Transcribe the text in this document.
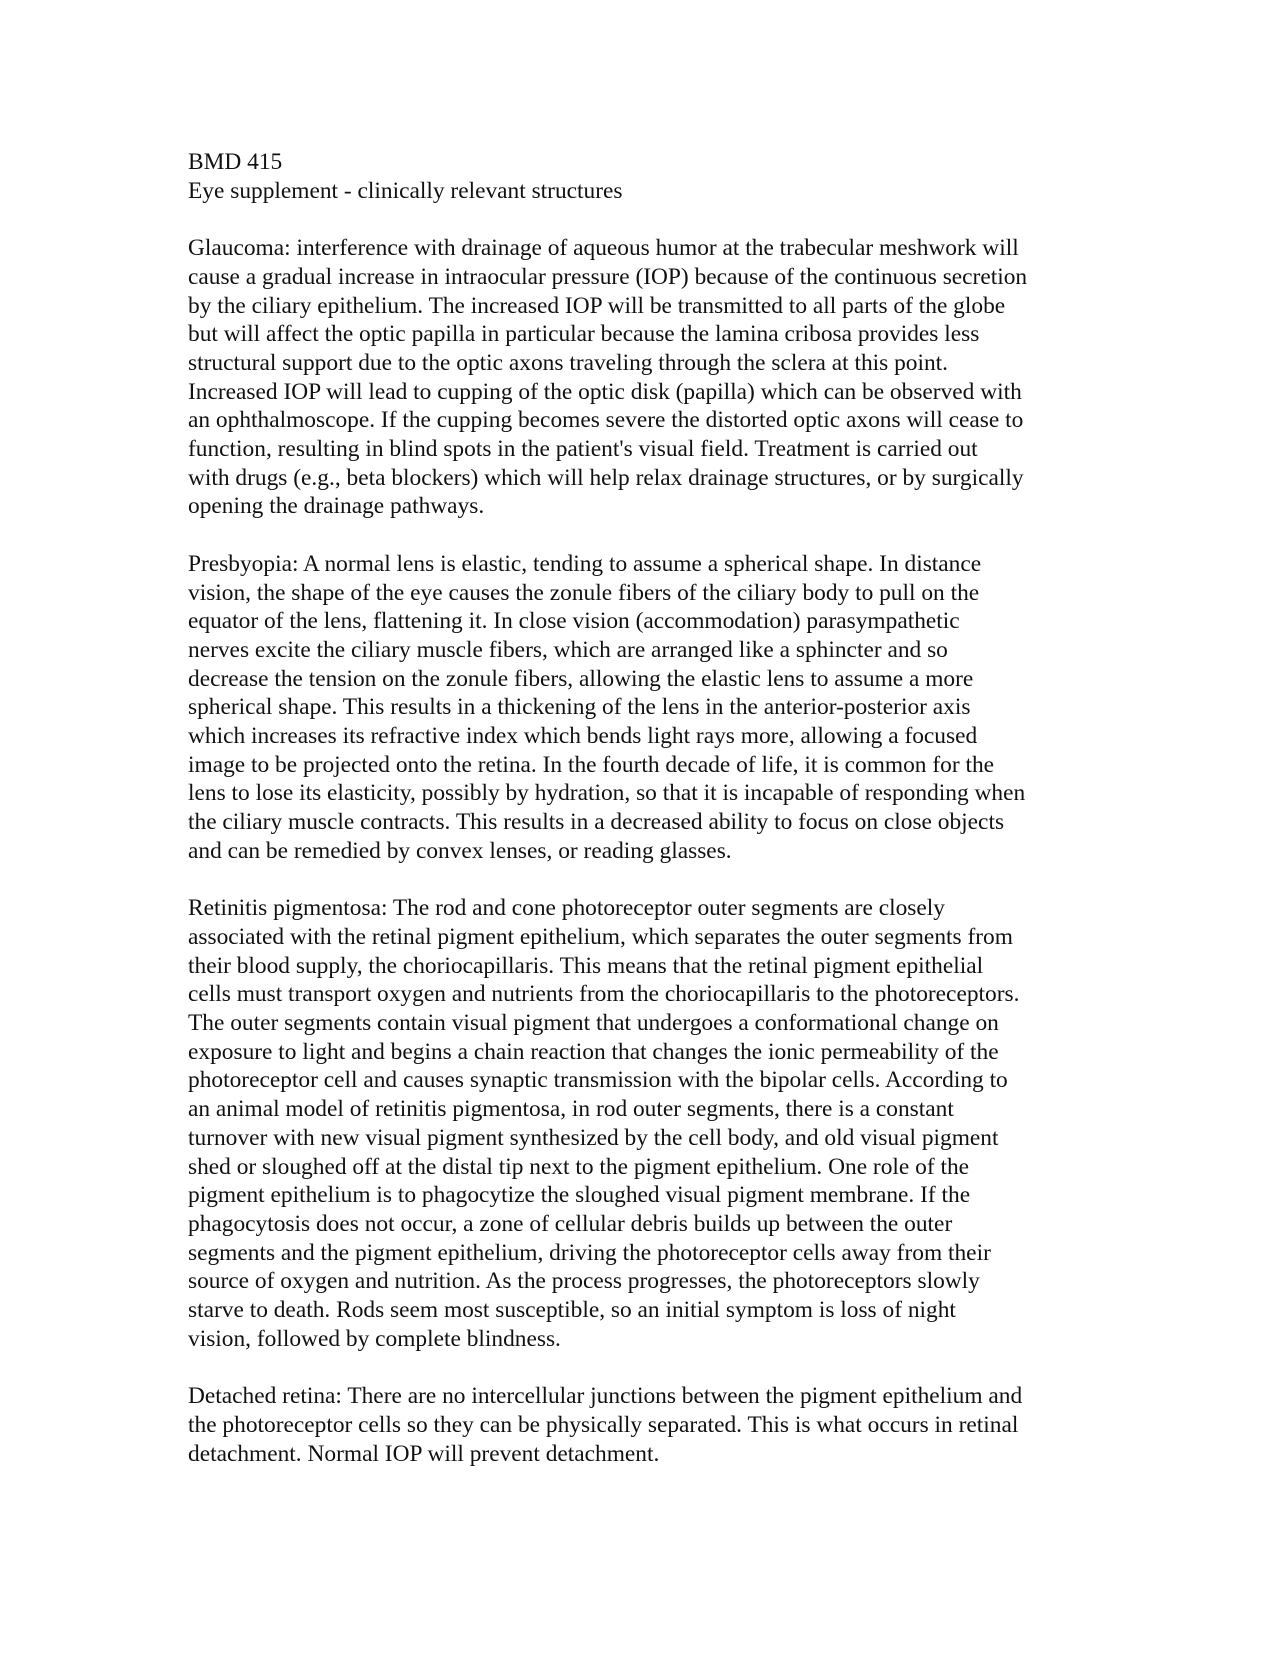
BMD 415
Eye supplement - clinically relevant structures
Glaucoma: interference with drainage of aqueous humor at the trabecular meshwork will
cause a gradual increase in intraocular pressure (IOP) because of the continuous secretion
by the ciliary epithelium. The increased IOP will be transmitted to all parts of the globe
but will affect the optic papilla in particular because the lamina cribosa provides less
structural support due to the optic axons traveling through the sclera at this point.
Increased IOP will lead to cupping of the optic disk (papilla) which can be observed with
an ophthalmoscope. If the cupping becomes severe the distorted optic axons will cease to
function, resulting in blind spots in the patient's visual field. Treatment is carried out
with drugs (e.g., beta blockers) which will help relax drainage structures, or by surgically
opening the drainage pathways.
Presbyopia: A normal lens is elastic, tending to assume a spherical shape. In distance
vision, the shape of the eye causes the zonule fibers of the ciliary body to pull on the
equator of the lens, flattening it. In close vision (accommodation) parasympathetic
nerves excite the ciliary muscle fibers, which are arranged like a sphincter and so
decrease the tension on the zonule fibers, allowing the elastic lens to assume a more
spherical shape. This results in a thickening of the lens in the anterior-posterior axis
which increases its refractive index which bends light rays more, allowing a focused
image to be projected onto the retina. In the fourth decade of life, it is common for the
lens to lose its elasticity, possibly by hydration, so that it is incapable of responding when
the ciliary muscle contracts. This results in a decreased ability to focus on close objects
and can be remedied by convex lenses, or reading glasses.
Retinitis pigmentosa: The rod and cone photoreceptor outer segments are closely
associated with the retinal pigment epithelium, which separates the outer segments from
their blood supply, the choriocapillaris. This means that the retinal pigment epithelial
cells must transport oxygen and nutrients from the choriocapillaris to the photoreceptors.
The outer segments contain visual pigment that undergoes a conformational change on
exposure to light and begins a chain reaction that changes the ionic permeability of the
photoreceptor cell and causes synaptic transmission with the bipolar cells. According to
an animal model of retinitis pigmentosa, in rod outer segments, there is a constant
turnover with new visual pigment synthesized by the cell body, and old visual pigment
shed or sloughed off at the distal tip next to the pigment epithelium. One role of the
pigment epithelium is to phagocytize the sloughed visual pigment membrane. If the
phagocytosis does not occur, a zone of cellular debris builds up between the outer
segments and the pigment epithelium, driving the photoreceptor cells away from their
source of oxygen and nutrition. As the process progresses, the photoreceptors slowly
starve to death. Rods seem most susceptible, so an initial symptom is loss of night
vision, followed by complete blindness.
Detached retina: There are no intercellular junctions between the pigment epithelium and
the photoreceptor cells so they can be physically separated. This is what occurs in retinal
detachment. Normal IOP will prevent detachment.
